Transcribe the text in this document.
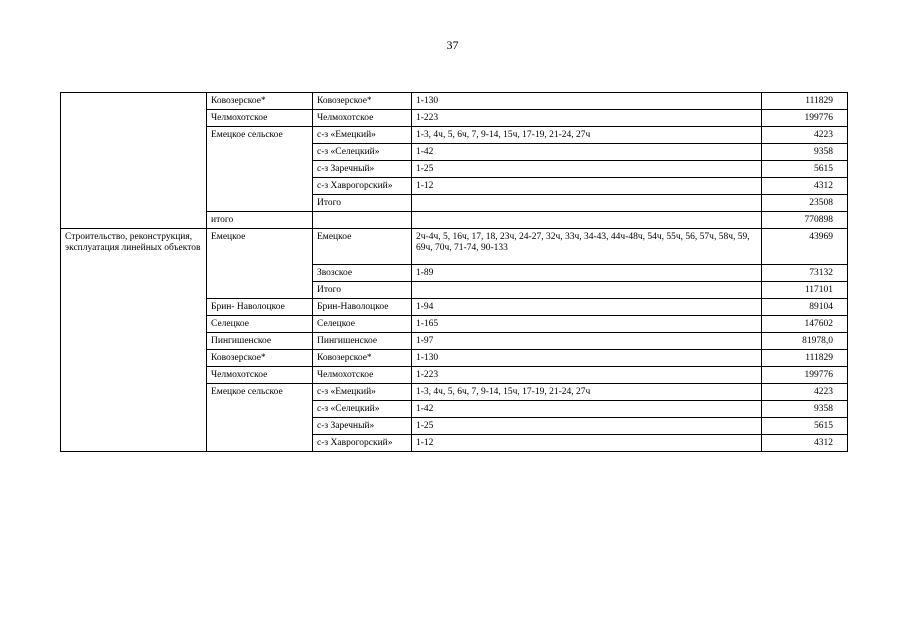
37
	Ковозерское*	Ковозерское*	1-130	111829
	Челмохотское	Челмохотское	1-223	199776
	Емецкое сельское	с-з «Емецкий»	1-3, 4ч, 5, 6ч, 7, 9-14, 15ч, 17-19, 21-24, 27ч	4223
		с-з «Селецкий»	1-42	9358
		с-з Заречный»	1-25	5615
		с-з Хаврогорский»	1-12	4312
		Итого		23508
	итого			770898
Строительство, реконструкция, эксплуатация линейных объектов	Емецкое	Емецкое	2ч-4ч, 5, 16ч, 17, 18, 23ч, 24-27, 32ч, 33ч, 34-43, 44ч-48ч, 54ч, 55ч, 56, 57ч, 58ч, 59, 69ч, 70ч, 71-74, 90-133	43969
		Звозское	1-89	73132
		Итого		117101
	Брин- Наволоцкое	Брин-Наволоцкое	1-94	89104
	Селецкое	Селецкое	1-165	147602
	Пингишенское	Пингишенское	1-97	81978,0
	Ковозерское*	Ковозерское*	1-130	111829
	Челмохотское	Челмохотское	1-223	199776
	Емецкое сельское	с-з «Емецкий»	1-3, 4ч, 5, 6ч, 7, 9-14, 15ч, 17-19, 21-24, 27ч	4223
		с-з «Селецкий»	1-42	9358
		с-з Заречный»	1-25	5615
		с-з Хаврогорский»	1-12	4312
